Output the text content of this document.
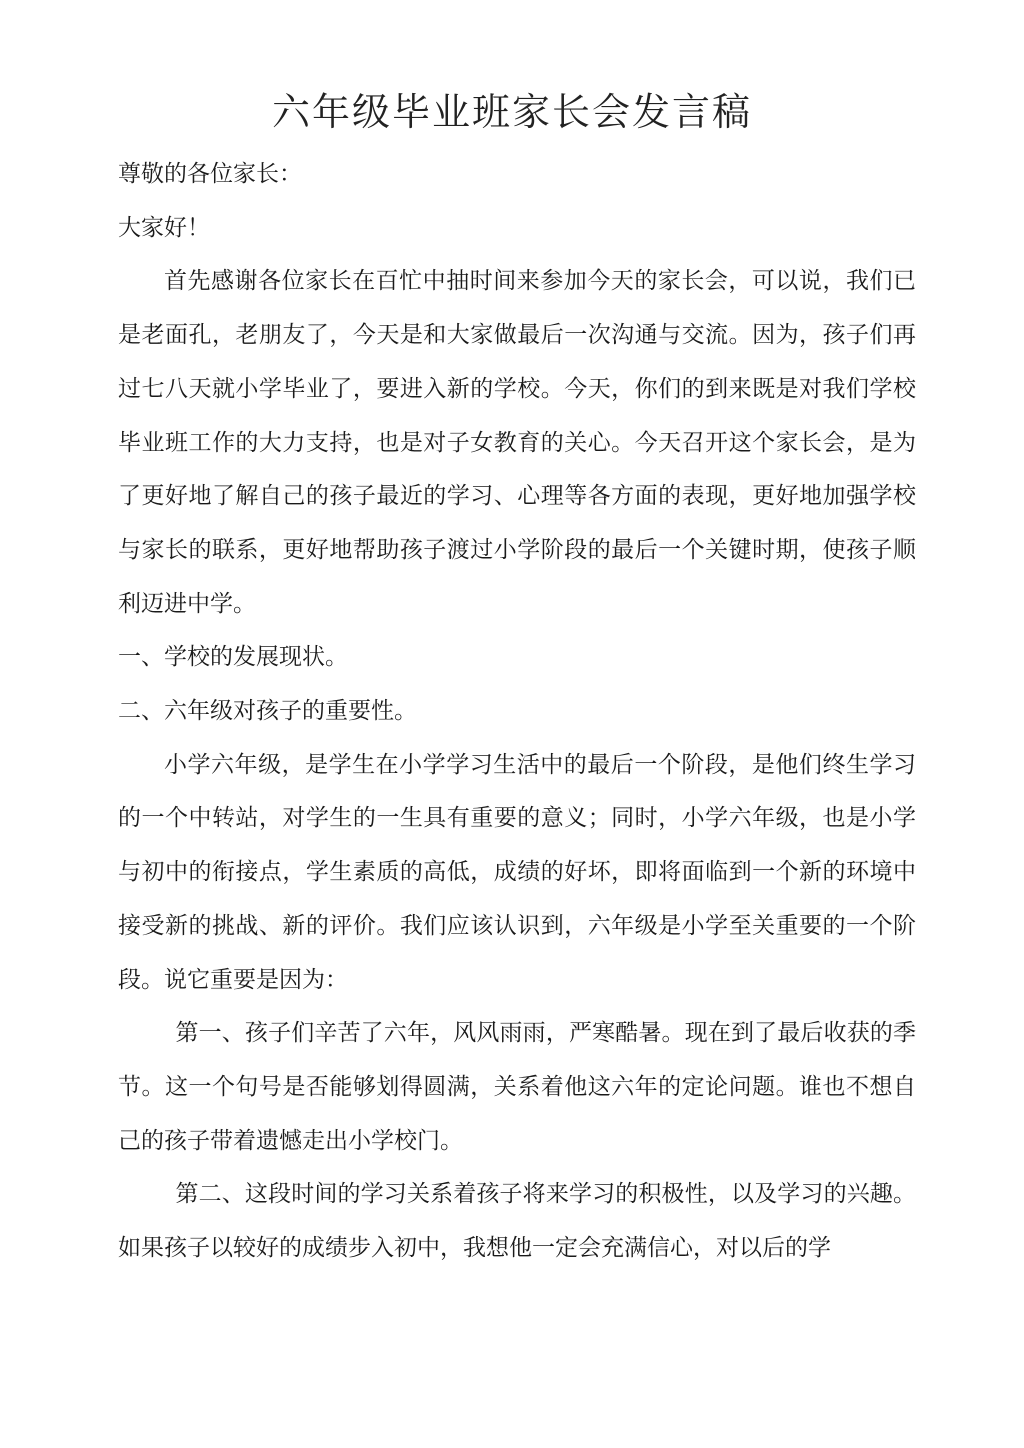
六年级毕业班家长会发言稿

尊敬的各位家长：

大家好！

首先感谢各位家长在百忙中抽时间来参加今天的家长会，可以说，我们已是老面孔，老朋友了，今天是和大家做最后一次沟通与交流。因为，孩子们再过七八天就小学毕业了，要进入新的学校。今天，你们的到来既是对我们学校毕业班工作的大力支持，也是对子女教育的关心。今天召开这个家长会，是为了更好地了解自己的孩子最近的学习、心理等各方面的表现，更好地加强学校与家长的联系，更好地帮助孩子渡过小学阶段的最后一个关键时期，使孩子顺利迈进中学。

一、学校的发展现状。

二、六年级对孩子的重要性。

小学六年级，是学生在小学学习生活中的最后一个阶段，是他们终生学习的一个中转站，对学生的一生具有重要的意义；同时，小学六年级，也是小学与初中的衔接点，学生素质的高低，成绩的好坏，即将面临到一个新的环境中接受新的挑战、新的评价。我们应该认识到，六年级是小学至关重要的一个阶段。说它重要是因为：

第一、孩子们辛苦了六年，风风雨雨，严寒酷暑。现在到了最后收获的季节。这一个句号是否能够划得圆满，关系着他这六年的定论问题。谁也不想自己的孩子带着遗憾走出小学校门。

第二、这段时间的学习关系着孩子将来学习的积极性，以及学习的兴趣。如果孩子以较好的成绩步入初中，我想他一定会充满信心，对以后的学
